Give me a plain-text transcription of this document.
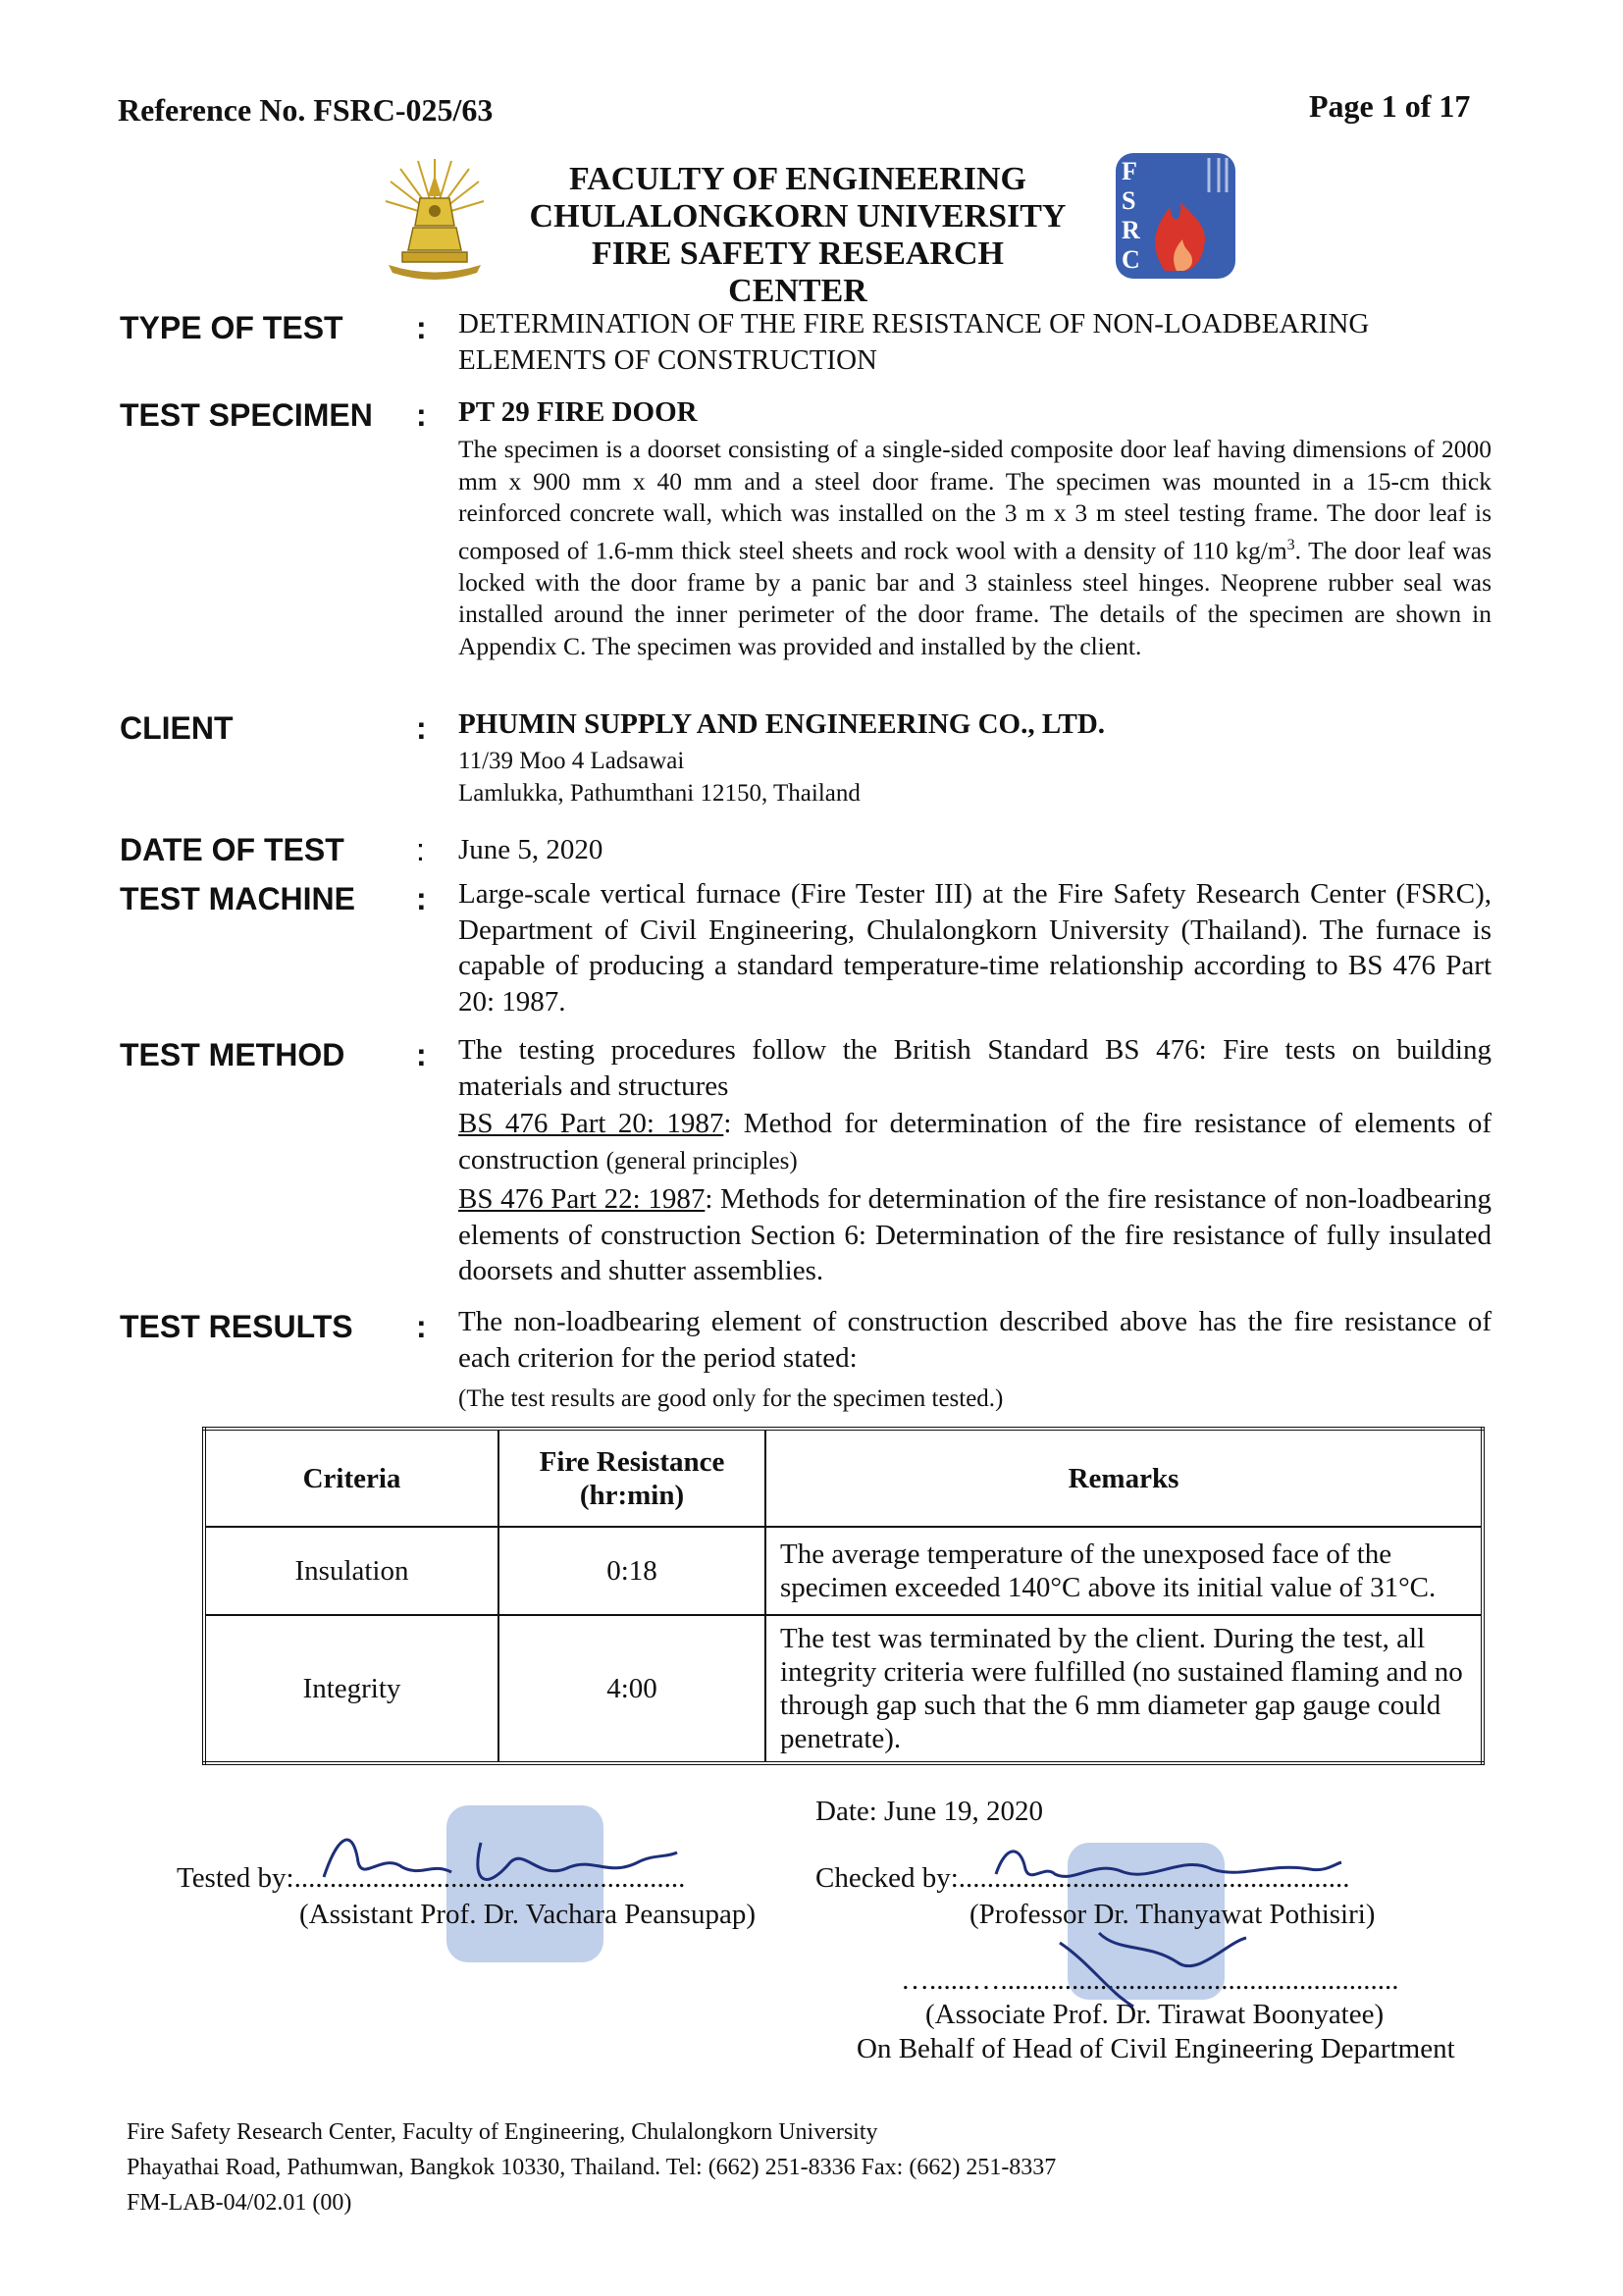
Reference No. FSRC-025/63	Page 1 of 17
FACULTY OF ENGINEERING
CHULALONGKORN UNIVERSITY
FIRE SAFETY RESEARCH CENTER
F
S
R
C
TYPE OF TEST : DETERMINATION OF THE FIRE RESISTANCE OF NON-LOADBEARING
ELEMENTS OF CONSTRUCTION
TEST SPECIMEN : PT 29 FIRE DOOR
The specimen is a doorset consisting of a single-sided composite door leaf having dimensions of 2000 mm x 900 mm x 40 mm and a steel door frame. The specimen was mounted in a 15-cm thick reinforced concrete wall, which was installed on the 3 m x 3 m steel testing frame. The door leaf is composed of 1.6-mm thick steel sheets and rock wool with a density of 110 $kg/m^3$. The door leaf was locked with the door frame by a panic bar and 3 stainless steel hinges. Neoprene rubber seal was installed around the inner perimeter of the door frame. The details of the specimen are shown in Appendix C. The specimen was provided and installed by the client.
CLIENT	: PHUMIN SUPPLY AND ENGINEERING CO., LTD.
11/39 Moo 4 Ladsawai
Lamlukka, Pathumthani 12150, Thailand
DATE OF TEST : June 5, 2020
TEST MACHINE : Large-scale vertical furnace (Fire Tester III) at the Fire Safety Research Center (FSRC), Department of Civil Engineering, Chulalongkorn University (Thailand). The furnace is capable of producing a standard temperature-time relationship according to BS 476 Part 20: 1987.
TEST METHOD : The testing procedures follow the British Standard BS 476: Fire tests on building materials and structures

BS 476 Part 20: 1987: Method for determination of the fire resistance of elements of construction (general principles)

BS 476 Part 22: 1987: Methods for determination of the fire resistance of non-loadbearing elements of construction Section 6: Determination of the fire resistance of fully insulated doorsets and shutter assemblies.

TEST RESULTS : The non-loadbearing element of construction described above has the fire resistance of each criterion for the period stated:
(The test results are good only for the specimen tested.)
Criteria	
Fire Resistance
(hr:min)
	Remarks
Insulation	0:18	The average temperature of the unexposed face of the specimen exceeded 140°C above its initial value of 31°C.
Integrity	4:00	The test was terminated by the client. During the test, all integrity criteria were fulfilled (no sustained flaming and no through gap such that the 6 mm diameter gap gauge could penetrate).
Date: June 19, 2020
Tested by:.......................................................
(Assistant Prof. Dr. Vachara Peansupap)
Checked by:.......................................................
(Professor Dr. Thanyawat Pothisiri)
…......…........................................................
(Associate Prof. Dr. Tirawat Boonyatee)
On Behalf of Head of Civil Engineering Department
Fire Safety Research Center, Faculty of Engineering, Chulalongkorn University
Phayathai Road, Pathumwan, Bangkok 10330, Thailand. Tel: (662) 251-8336 Fax: (662) 251-8337
FM-LAB-04/02.01 (00)
